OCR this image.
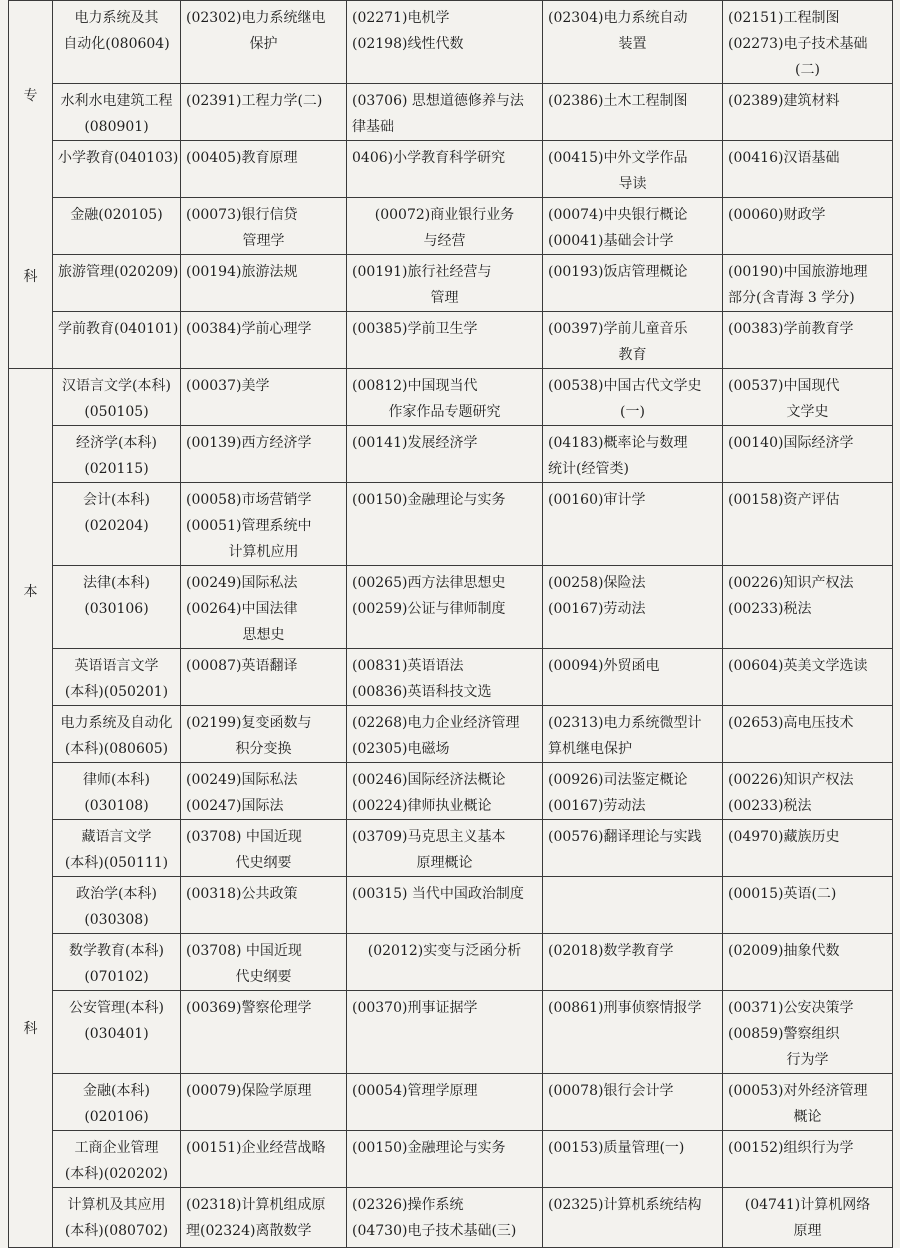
专
科	电力系统及其
自动化(080604)	(02302)电力系统继电
保护	(02271)电机学
(02198)线性代数	(02304)电力系统自动
装置	(02151)工程制图
(02273)电子技术基础
(二)

	水利水电建筑工程
(080901)	(02391)工程力学(二)	(03706) 思想道德修养与法
律基础	(02386)土木工程制图	(02389)建筑材料

	小学教育(040103)	(00405)教育原理	0406)小学教育科学研究	(00415)中外文学作品
导读	(00416)汉语基础

	金融(020105)	(00073)银行信贷
管理学	(00072)商业银行业务
与经营	(00074)中央银行概论
(00041)基础会计学	(00060)财政学

	旅游管理(020209)	(00194)旅游法规	(00191)旅行社经营与
管理	(00193)饭店管理概论	(00190)中国旅游地理
部分(含青海 3 学分)

	学前教育(040101)	(00384)学前心理学	(00385)学前卫生学	(00397)学前儿童音乐
教育	(00383)学前教育学

本
科	汉语言文学(本科)
(050105)	(00037)美学	(00812)中国现当代
作家作品专题研究	(00538)中国古代文学史
(一)	(00537)中国现代
文学史

	经济学(本科)
(020115)	(00139)西方经济学	(00141)发展经济学	(04183)概率论与数理
统计(经管类)	(00140)国际经济学

	会计(本科)
(020204)	(00058)市场营销学
(00051)管理系统中
计算机应用	(00150)金融理论与实务	(00160)审计学	(00158)资产评估

	法律(本科)
(030106)	(00249)国际私法
(00264)中国法律
思想史	(00265)西方法律思想史
(00259)公证与律师制度	(00258)保险法
(00167)劳动法	(00226)知识产权法
(00233)税法

	英语语言文学
(本科)(050201)	(00087)英语翻译	(00831)英语语法
(00836)英语科技文选	(00094)外贸函电	(00604)英美文学选读

	电力系统及自动化
(本科)(080605)	(02199)复变函数与
积分变换	(02268)电力企业经济管理
(02305)电磁场	(02313)电力系统微型计
算机继电保护	(02653)高电压技术

	律师(本科)
(030108)	(00249)国际私法
(00247)国际法	(00246)国际经济法概论
(00224)律师执业概论	(00926)司法鉴定概论
(00167)劳动法	(00226)知识产权法
(00233)税法

	藏语言文学
(本科)(050111)	(03708) 中国近现
代史纲要	(03709)马克思主义基本
原理概论	(00576)翻译理论与实践	(04970)藏族历史

	政治学(本科)
(030308)	(00318)公共政策	(00315) 当代中国政治制度		(00015)英语(二)

	数学教育(本科)
(070102)	(03708) 中国近现
代史纲要	(02012)实变与泛函分析	(02018)数学教育学	(02009)抽象代数

	公安管理(本科)
(030401)	(00369)警察伦理学	(00370)刑事证据学	(00861)刑事侦察情报学	(00371)公安决策学
(00859)警察组织
行为学

	金融(本科)
(020106)	(00079)保险学原理	(00054)管理学原理	(00078)银行会计学	(00053)对外经济管理
概论

	工商企业管理
(本科)(020202)	(00151)企业经营战略	(00150)金融理论与实务	(00153)质量管理(一)	(00152)组织行为学

	计算机及其应用
(本科)(080702)	(02318)计算机组成原
理(02324)离散数学	(02326)操作系统
(04730)电子技术基础(三)	(02325)计算机系统结构	(04741)计算机网络
原理
